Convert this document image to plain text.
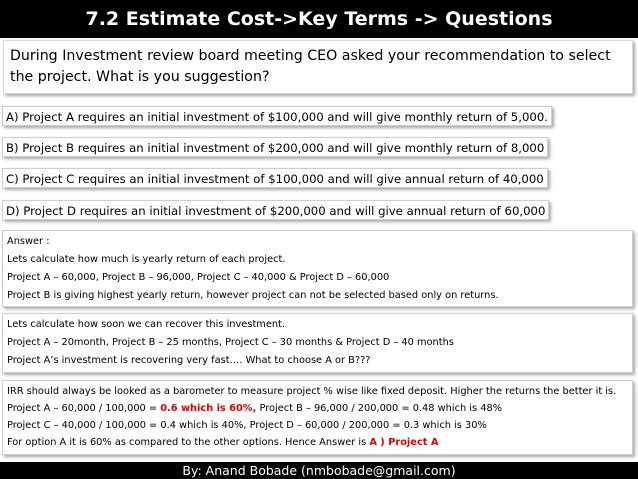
7.2 Estimate Cost->Key Terms -> Questions
During Investment review board meeting CEO asked your recommendation to select
the project. What is you suggestion?
A) Project A requires an initial investment of $100,000 and will give monthly return of 5,000.
B) Project B requires an initial investment of $200,000 and will give monthly return of 8,000
C) Project C requires an initial investment of $100,000 and will give annual return of 40,000
D) Project D requires an initial investment of $200,000 and will give annual return of 60,000
Answer :
Lets calculate how much is yearly return of each project.
Project A – 60,000, Project B – 96,000, Project C – 40,000 & Project D – 60,000
Project B is giving highest yearly return, however project can not be selected based only on returns.
Lets calculate how soon we can recover this investment.
Project A – 20month, Project B – 25 months, Project C – 30 months & Project D – 40 months
Project A’s investment is recovering very fast…. What to choose A or B???
IRR should always be looked as a barometer to measure project % wise like fixed deposit. Higher the returns the better it is.
Project A – 60,000 / 100,000 = 0.6 which is 60%, Project B – 96,000 / 200,000 = 0.48 which is 48%
Project C – 40,000 / 100,000 = 0.4 which is 40%, Project D – 60,000 / 200,000 = 0.3 which is 30%
For option A it is 60% as compared to the other options. Hence Answer is A ) Project A
By: Anand Bobade (nmbobade@gmail.com)
